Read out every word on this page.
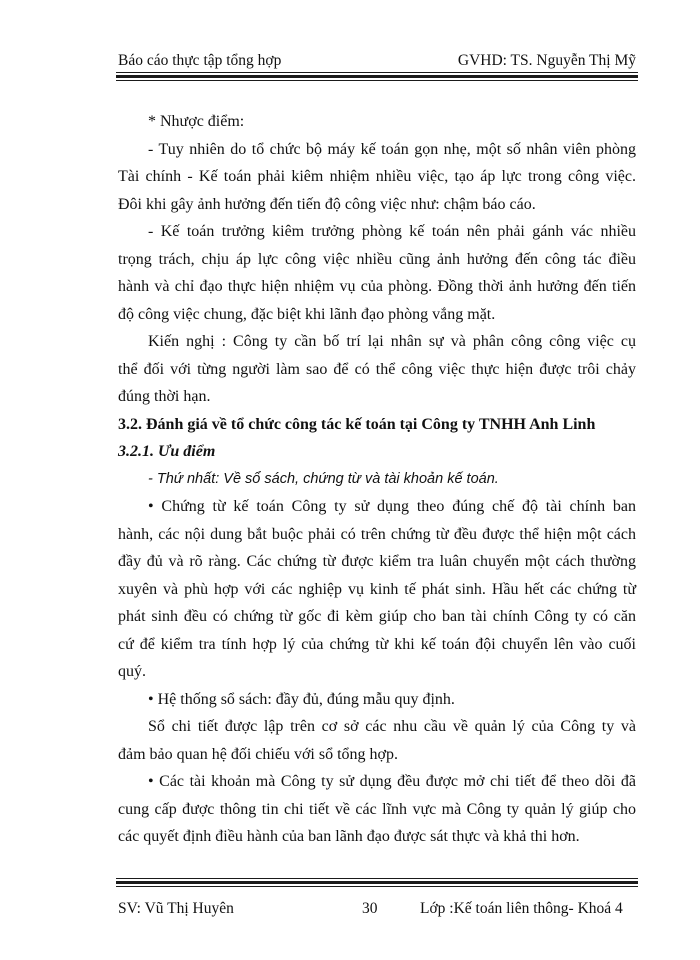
Báo cáo thực tập tổng hợp	GVHD: TS. Nguyễn Thị Mỹ
* Nhược điểm:
- Tuy nhiên do tổ chức bộ máy kế toán gọn nhẹ, một số nhân viên phòng
Tài chính - Kế toán phải kiêm nhiệm nhiều việc, tạo áp lực trong công việc.
Đôi khi gây ảnh hưởng đến tiến độ công việc như: chậm báo cáo.
- Kế toán trưởng kiêm trưởng phòng kế toán nên phải gánh vác nhiều
trọng trách, chịu áp lực công việc nhiều cũng ảnh hưởng đến công tác điều
hành và chỉ đạo thực hiện nhiệm vụ của phòng. Đồng thời ảnh hưởng đến tiến
độ công việc chung, đặc biệt khi lãnh đạo phòng vắng mặt.
Kiến nghị : Công ty cần bố trí lại nhân sự và phân công công việc cụ
thể đối với từng người làm sao để có thể công việc thực hiện được trôi chảy
đúng thời hạn.
3.2. Đánh giá về tổ chức công tác kế toán tại Công ty TNHH Anh Linh
3.2.1. Ưu điểm
- Thứ nhất: Về sổ sách, chứng từ và tài khoản kế toán.
• Chứng từ kế toán Công ty sử dụng theo đúng chế độ tài chính ban
hành, các nội dung bắt buộc phải có trên chứng từ đều được thể hiện một cách
đầy đủ và rõ ràng. Các chứng từ được kiểm tra luân chuyển một cách thường
xuyên và phù hợp với các nghiệp vụ kinh tế phát sinh. Hầu hết các chứng từ
phát sinh đều có chứng từ gốc đi kèm giúp cho ban tài chính Công ty có căn
cứ để kiểm tra tính hợp lý của chứng từ khi kế toán đội chuyển lên vào cuối
quý.
• Hệ thống sổ sách: đầy đủ, đúng mẫu quy định.
Sổ chi tiết được lập trên cơ sở các nhu cầu về quản lý của Công ty và
đảm bảo quan hệ đối chiếu với sổ tổng hợp.
• Các tài khoản mà Công ty sử dụng đều được mở chi tiết để theo dõi đã
cung cấp được thông tin chi tiết về các lĩnh vực mà Công ty quản lý giúp cho
các quyết định điều hành của ban lãnh đạo được sát thực và khả thi hơn.
SV: Vũ Thị Huyên	30	Lớp :Kế toán liên thông- Khoá 4
